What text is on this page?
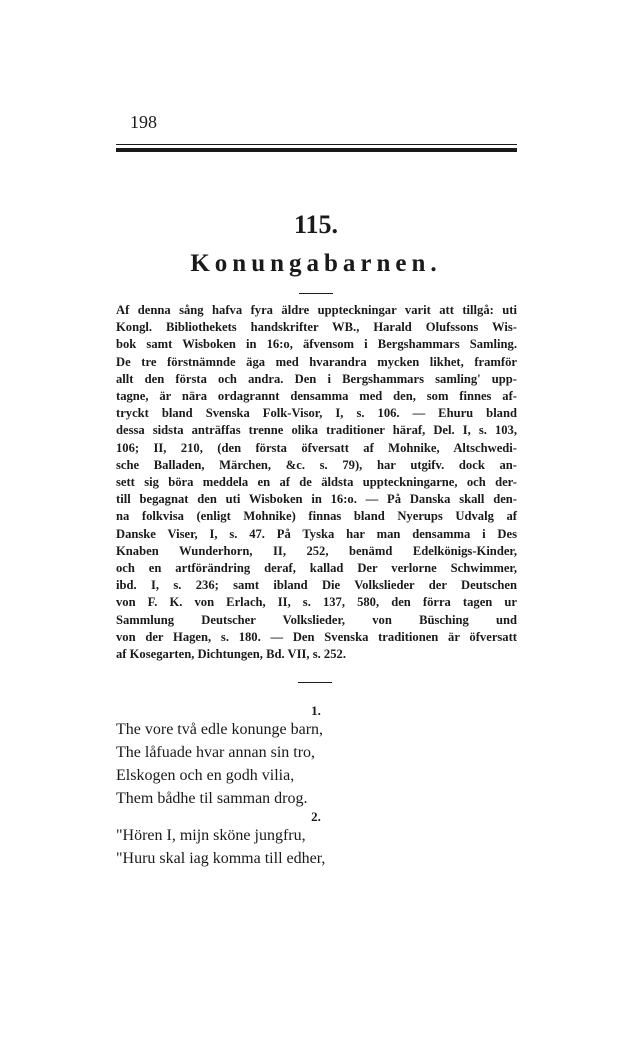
198
115.
Konungabarnen.
Af denna sång hafva fyra äldre uppteckningar varit att tillgå: uti
Kongl. Bibliothekets handskrifter WB., Harald Olufssons Wis-
bok samt Wisboken in 16:o, äfvensom i Bergshammars Samling.
De tre förstnämnde äga med hvarandra mycken likhet, framför
allt den första och andra. Den i Bergshammars samling' upp-
tagne, är nära ordagrannt densamma med den, som finnes af-
tryckt bland Svenska Folk-Visor, I, s. 106. — Ehuru bland
dessa sidsta anträffas trenne olika traditioner häraf, Del. I, s. 103,
106; II, 210, (den första öfversatt af Mohnike, Altschwedi-
sche Balladen, Märchen, &c. s. 79), har utgifv. dock an-
sett sig böra meddela en af de äldsta uppteckningarne, och der-
till begagnat den uti Wisboken in 16:o. — På Danska skall den-
na folkvisa (enligt Mohnike) finnas bland Nyerups Udvalg af
Danske Viser, I, s. 47. På Tyska har man densamma i Des
Knaben Wunderhorn, II, 252, benämd Edelkönigs-Kinder,
och en artförändring deraf, kallad Der verlorne Schwimmer,
ibd. I, s. 236; samt ibland Die Volkslieder der Deutschen
von F. K. von Erlach, II, s. 137, 580, den förra tagen ur
Sammlung Deutscher Volkslieder, von Büsching und
von der Hagen, s. 180. — Den Svenska traditionen är öfversatt
af Kosegarten, Dichtungen, Bd. VII, s. 252.
1.
The vore två edle konunge barn,
The låfuade hvar annan sin tro,
Elskogen och en godh vilia,
Them bådhe til samman drog.
2.
"Hören I, mijn sköne jungfru,
"Huru skal iag komma till edher,
